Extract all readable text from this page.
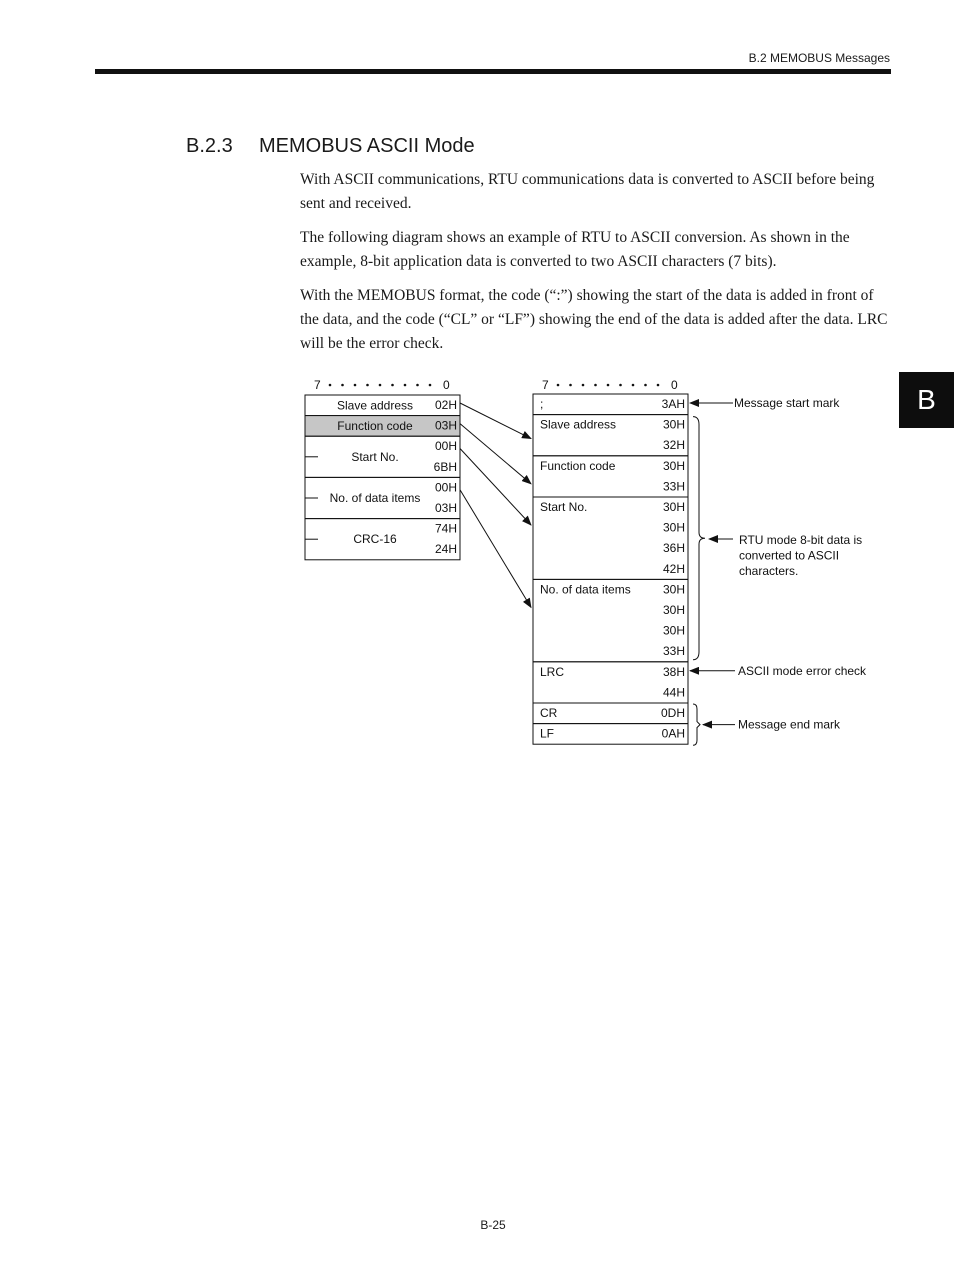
B.2 MEMOBUS Messages
B.2.3 MEMOBUS ASCII Mode

With ASCII communications, RTU communications data is converted to ASCII before being sent and received.

The following diagram shows an example of RTU to ASCII conversion. As shown in the example, 8-bit application data is converted to two ASCII characters (7 bits).

With the MEMOBUS format, the code (“:”) showing the start of the data is added in front of the data, and the code (“CL” or “LF”) showing the end of the data is added after the data. LRC will be the error check.

B
7	0
Slave address 02H
Function code 03H
Start No.
00H
6BH
No. of data items
00H
03H
CRC-16
74H
24H
7	0
;	3AH
Slave address	30H
32H
Function code	30H
33H
Start No.	30H
30H
36H
42H
No. of data items	30H
30H
30H
33H
LRC	38H
44H
CR	0DH
LF	0AH
Message start mark
RTU mode 8-bit data is
converted to ASCII
characters.
ASCII mode error check
Message end mark
B-25
